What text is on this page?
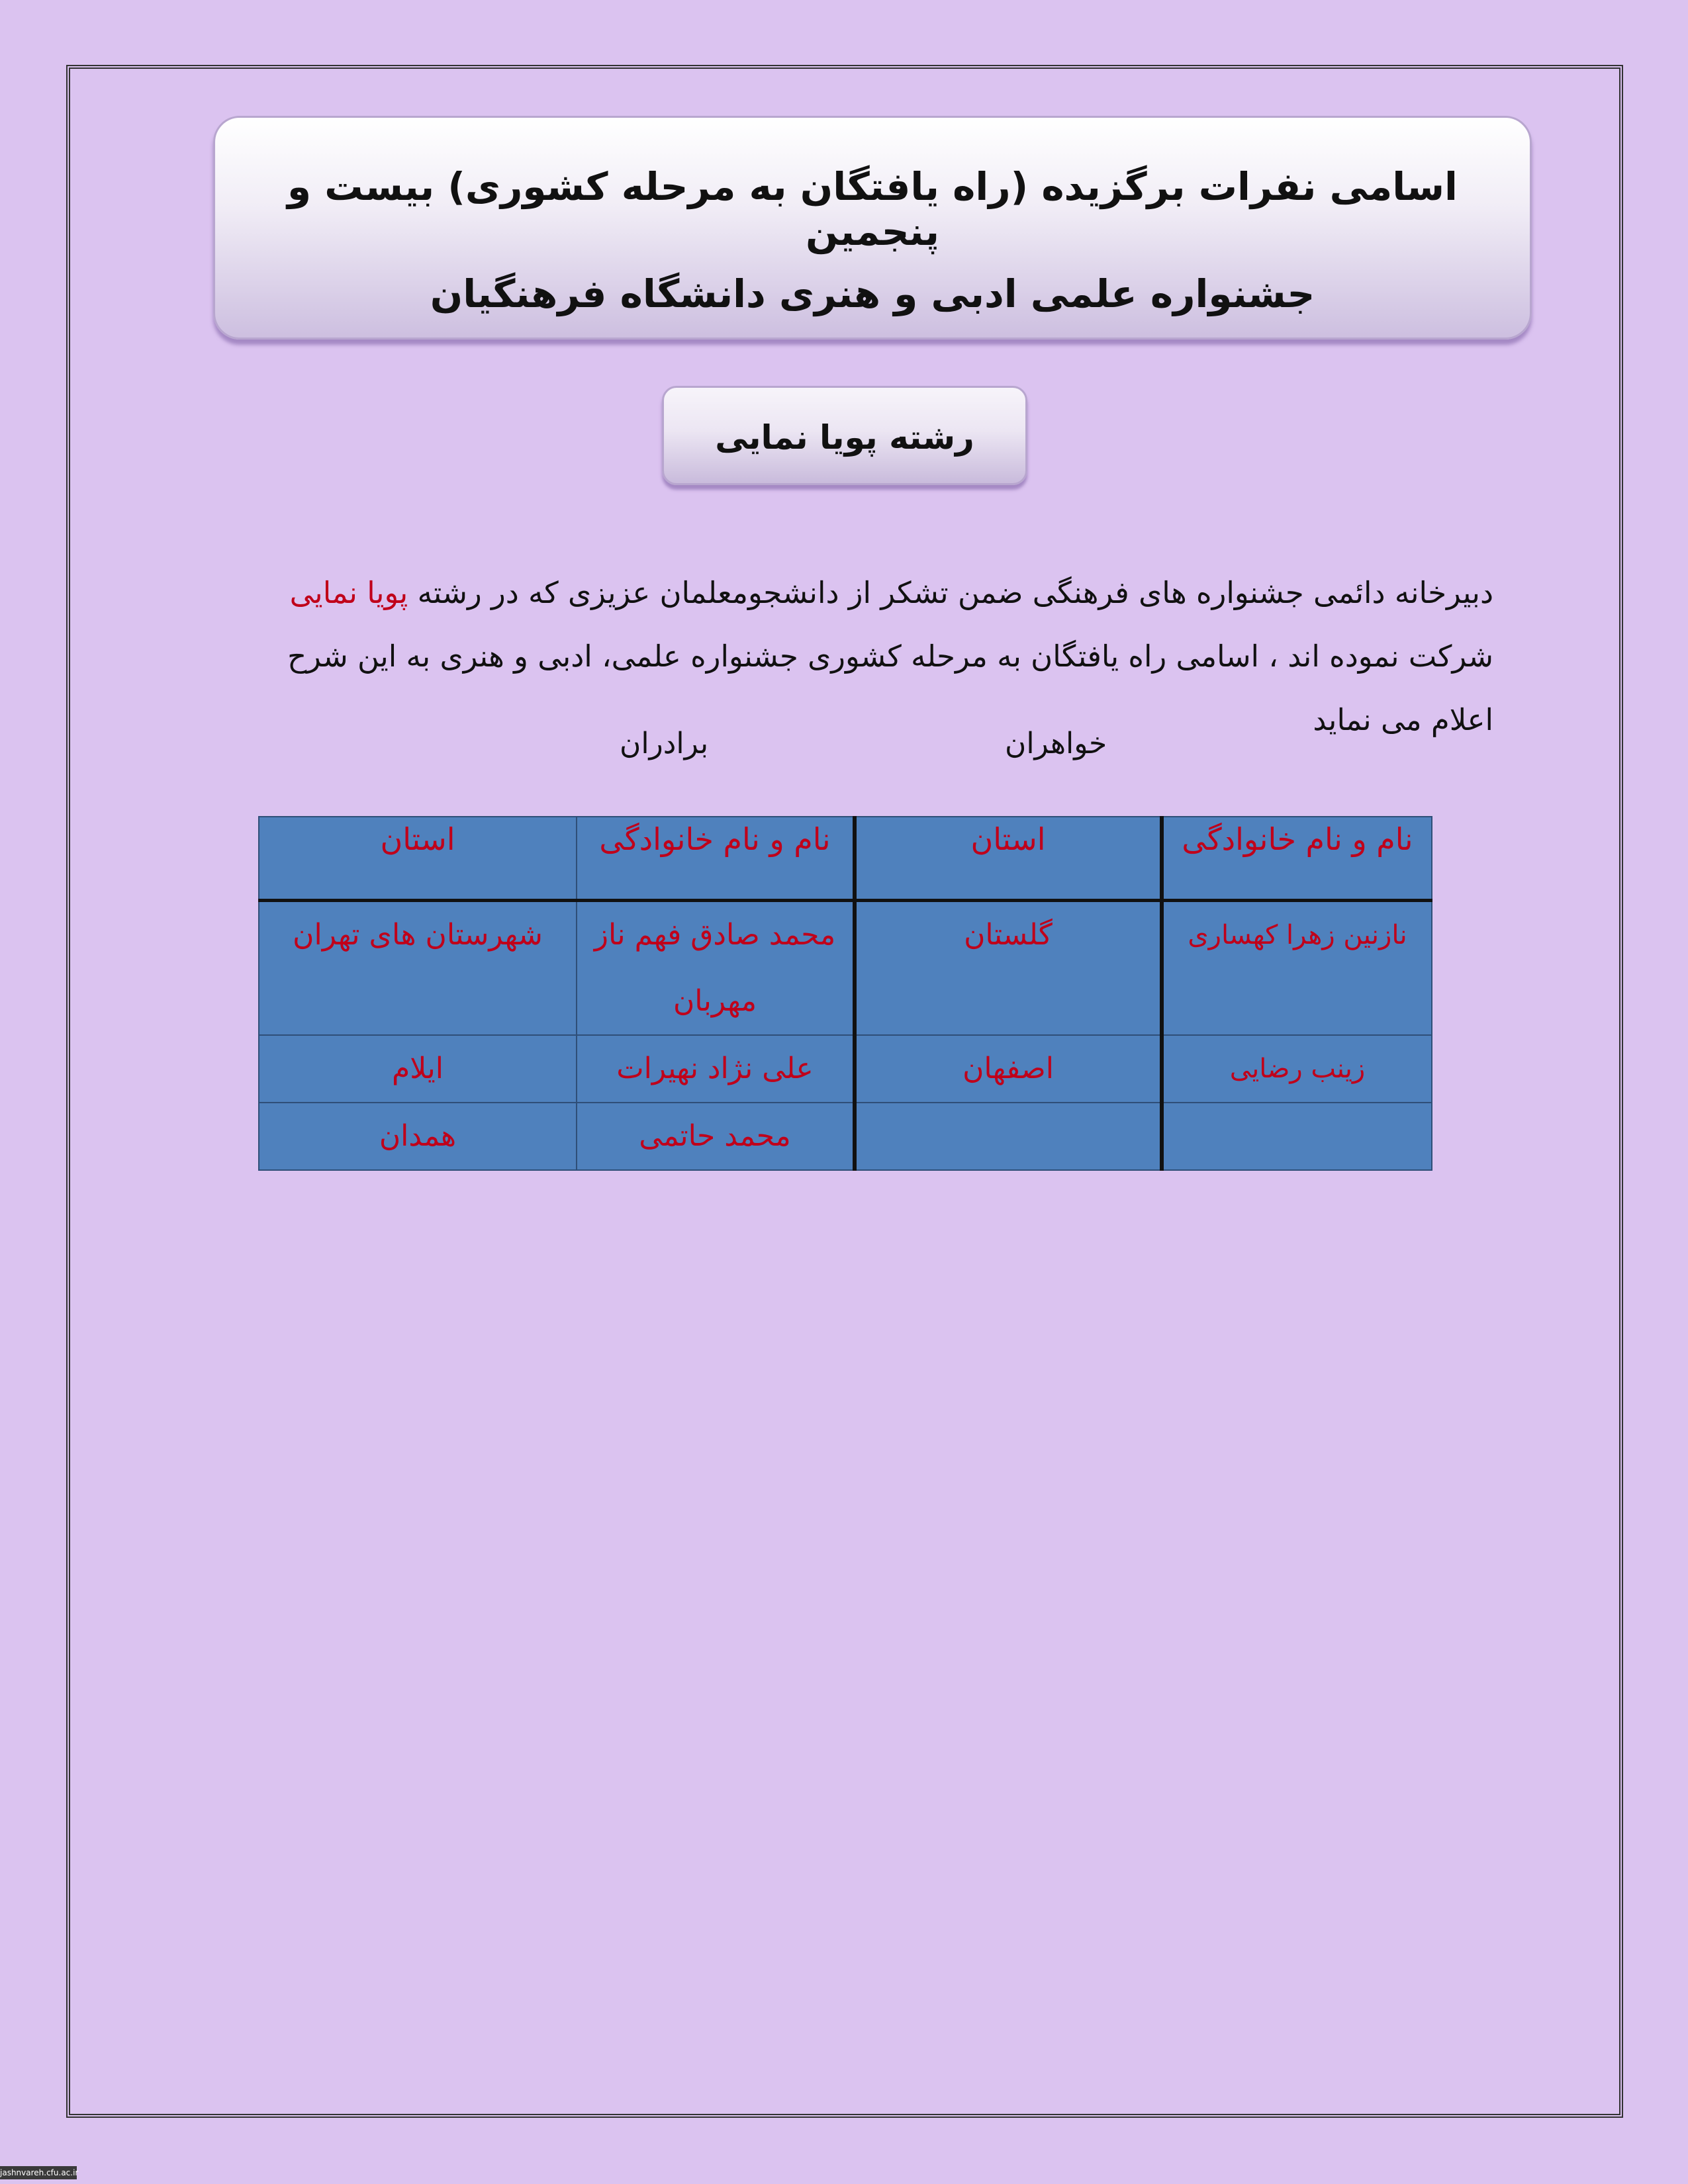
اسامی نفرات برگزیده (راه یافتگان به مرحله کشوری) بیست و پنجمین
جشنواره علمی ادبی و هنری دانشگاه فرهنگیان
رشته پویا نمایی
دبیرخانه دائمی جشنواره های فرهنگی ضمن تشکر از دانشجومعلمان عزیزی که در رشته پویا نمایی شرکت نموده اند ، اسامی راه یافتگان به مرحله کشوری جشنواره علمی، ادبی و هنری به این شرح اعلام می نماید
خواهران
برادران
نام و نام خانوادگی	استان	نام و نام خانوادگی	استان
نازنین زهرا کهساری	گلستان	محمد صادق فهم ناز مهربان	شهرستان های تهران
زینب رضایی	اصفهان	علی نژاد نهیرات	ایلام
		محمد حاتمی	همدان
jashnvareh.cfu.ac.ir
